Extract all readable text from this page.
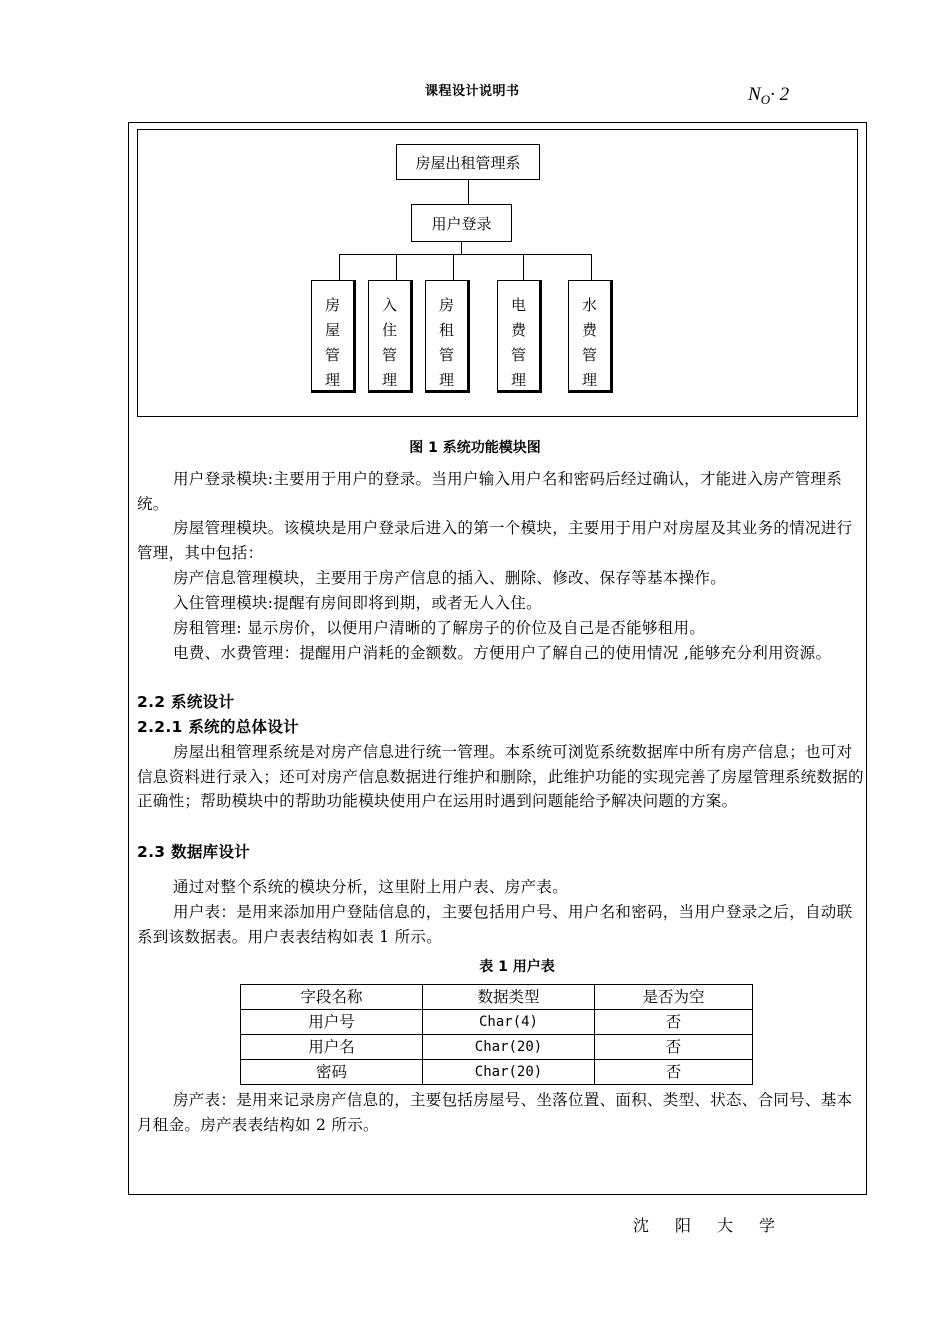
课程设计说明书	$N_O\cdot 2$
房屋出租管理系
用户登录
房
屋
管
理
入
住
管
理
房
租
管
理
电
费
管
理
水
费
管
理
图 1 系统功能模块图
用户登录模块:主要用于用户的登录。当用户输入用户名和密码后经过确认，才能进入房产管理系统。
房屋管理模块。该模块是用户登录后进入的第一个模块，主要用于用户对房屋及其业务的情况进行管理，其中包括：
房产信息管理模块，主要用于房产信息的插入、删除、修改、保存等基本操作。
入住管理模块:提醒有房间即将到期，或者无人入住。
房租管理: 显示房价，以便用户清晰的了解房子的价位及自己是否能够租用。
电费、水费管理：提醒用户消耗的金额数。方便用户了解自己的使用情况 ,能够充分利用资源。
2.2 系统设计
2.2.1 系统的总体设计
房屋出租管理系统是对房产信息进行统一管理。本系统可浏览系统数据库中所有房产信息；也可对信息资料进行录入；还可对房产信息数据进行维护和删除，此维护功能的实现完善了房屋管理系统数据的正确性；帮助模块中的帮助功能模块使用户在运用时遇到问题能给予解决问题的方案。
2.3 数据库设计
通过对整个系统的模块分析，这里附上用户表、房产表。
用户表：是用来添加用户登陆信息的，主要包括用户号、用户名和密码，当用户登录之后，自动联系到该数据表。用户表表结构如表 1 所示。
表 1 用户表
字段名称	数据类型	是否为空
用户号	Char(4)	否
用户名	Char(20)	否
密码	Char(20)	否
房产表：是用来记录房产信息的，主要包括房屋号、坐落位置、面积、类型、状态、合同号、基本月租金。房产表表结构如 2 所示。
沈阳大学
